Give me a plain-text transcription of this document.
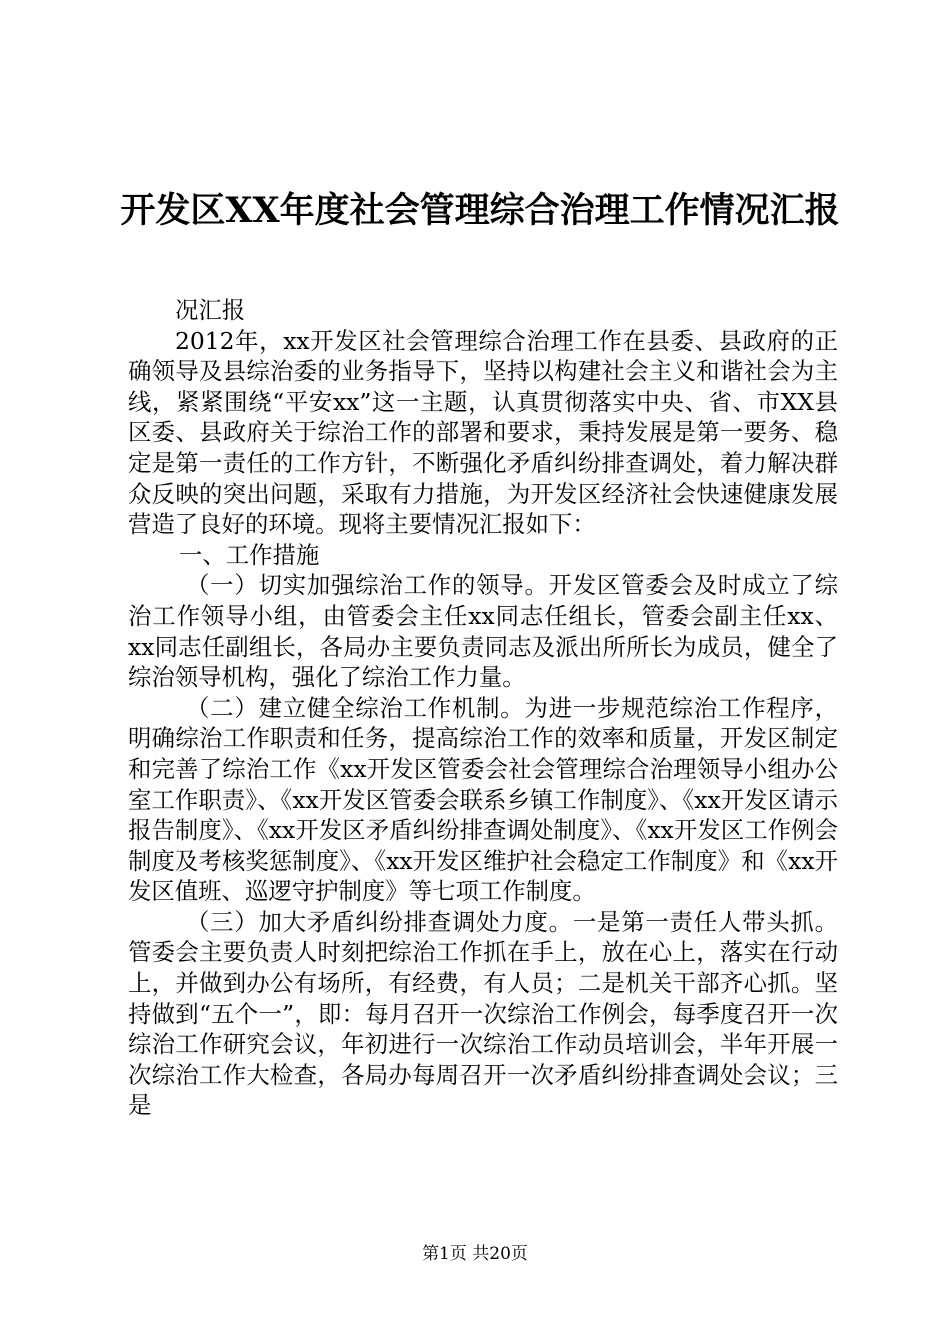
开发区XX年度社会管理综合治理工作情况汇报

况汇报

2012年，xx开发区社会管理综合治理工作在县委、县政府的正确领导及县综治委的业务指导下，坚持以构建社会主义和谐社会为主线，紧紧围绕“平安xx”这一主题，认真贯彻落实中央、省、市XX县区委、县政府关于综治工作的部署和要求，秉持发展是第一要务、稳定是第一责任的工作方针，不断强化矛盾纠纷排查调处，着力解决群众反映的突出问题，采取有力措施，为开发区经济社会快速健康发展营造了良好的环境。现将主要情况汇报如下：

一、工作措施

（一）切实加强综治工作的领导。开发区管委会及时成立了综治工作领导小组，由管委会主任xx同志任组长，管委会副主任xx、xx同志任副组长，各局办主要负责同志及派出所所长为成员，健全了综治领导机构，强化了综治工作力量。

（二）建立健全综治工作机制。为进一步规范综治工作程序，明确综治工作职责和任务，提高综治工作的效率和质量，开发区制定和完善了综治工作《xx开发区管委会社会管理综合治理领导小组办公室工作职责》、《xx开发区管委会联系乡镇工作制度》、《xx开发区请示报告制度》、《xx开发区矛盾纠纷排查调处制度》、《xx开发区工作例会制度及考核奖惩制度》、《xx开发区维护社会稳定工作制度》和《xx开发区值班、巡逻守护制度》等七项工作制度。

（三）加大矛盾纠纷排查调处力度。一是第一责任人带头抓。管委会主要负责人时刻把综治工作抓在手上，放在心上，落实在行动上，并做到办公有场所，有经费，有人员；二是机关干部齐心抓。坚持做到“五个一”，即：每月召开一次综治工作例会，每季度召开一次综治工作研究会议，年初进行一次综治工作动员培训会，半年开展一次综治工作大检查，各局办每周召开一次矛盾纠纷排查调处会议；三是

第1页 共20页
